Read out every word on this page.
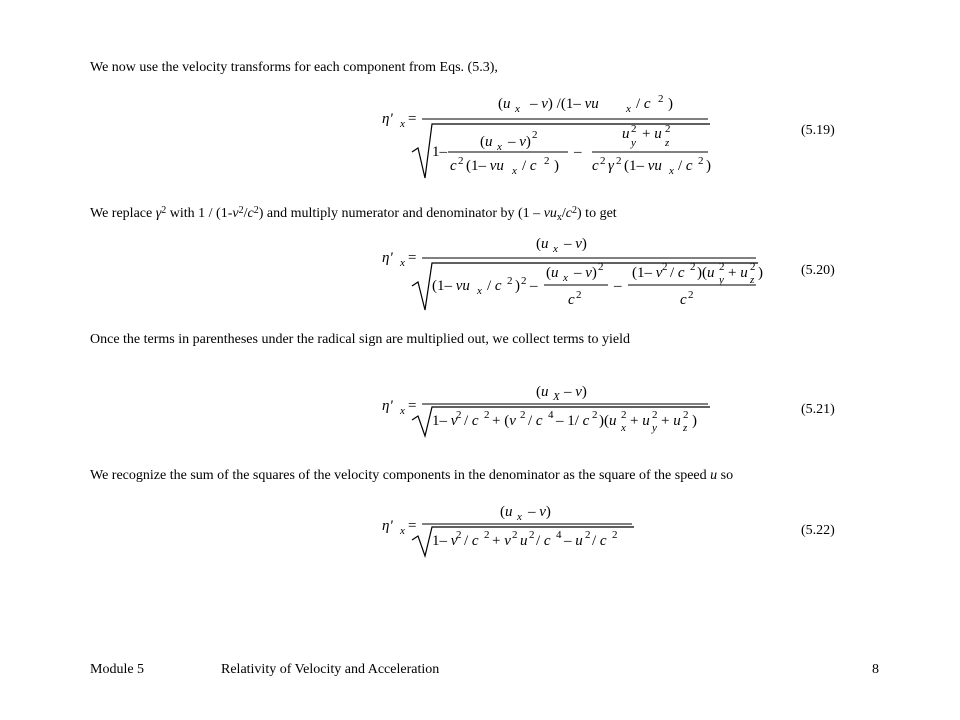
We now use the velocity transforms for each component from Eqs. (5.3),

We replace $\gamma^2$ with $1 / (1-v^2/c^2)$ and multiply numerator and denominator by $(1 - vu_x/c^2)$ to get

Once the terms in parentheses under the radical sign are multiplied out, we collect terms to yield

We recognize the sum of the squares of the velocity components in the denominator as the square of the speed u so

η' x =
(u x – v) /(1– vu x / c 2 )
1–
(u x – v) 2
c 2 (1– vu x / c 2 )
–
u 2
y
+ u 2
z
c 2 γ 2 (1– vu x / c 2 )
(5.19)
η' x =
(u x – v)
(1– vu x / c 2 ) 2 –
(u x – v) 2
c 2
–
(1– v 2 / c 2 )(u 2
y + u 2
z )
c 2
(5.20)
η' x =
(u X – v)
1– v
2 / c 2 + (v 2 / c 4 – 1/ c 2 )(u 2
x + u 2
y + u 2
z )
(5.21)
η' x =
(u x – v)
1– v
2 / c 2 + v 2 u 2 / c 4 – u 2 / c 2	(5.22)
Module 5	Relativity of Velocity and Acceleration	8
